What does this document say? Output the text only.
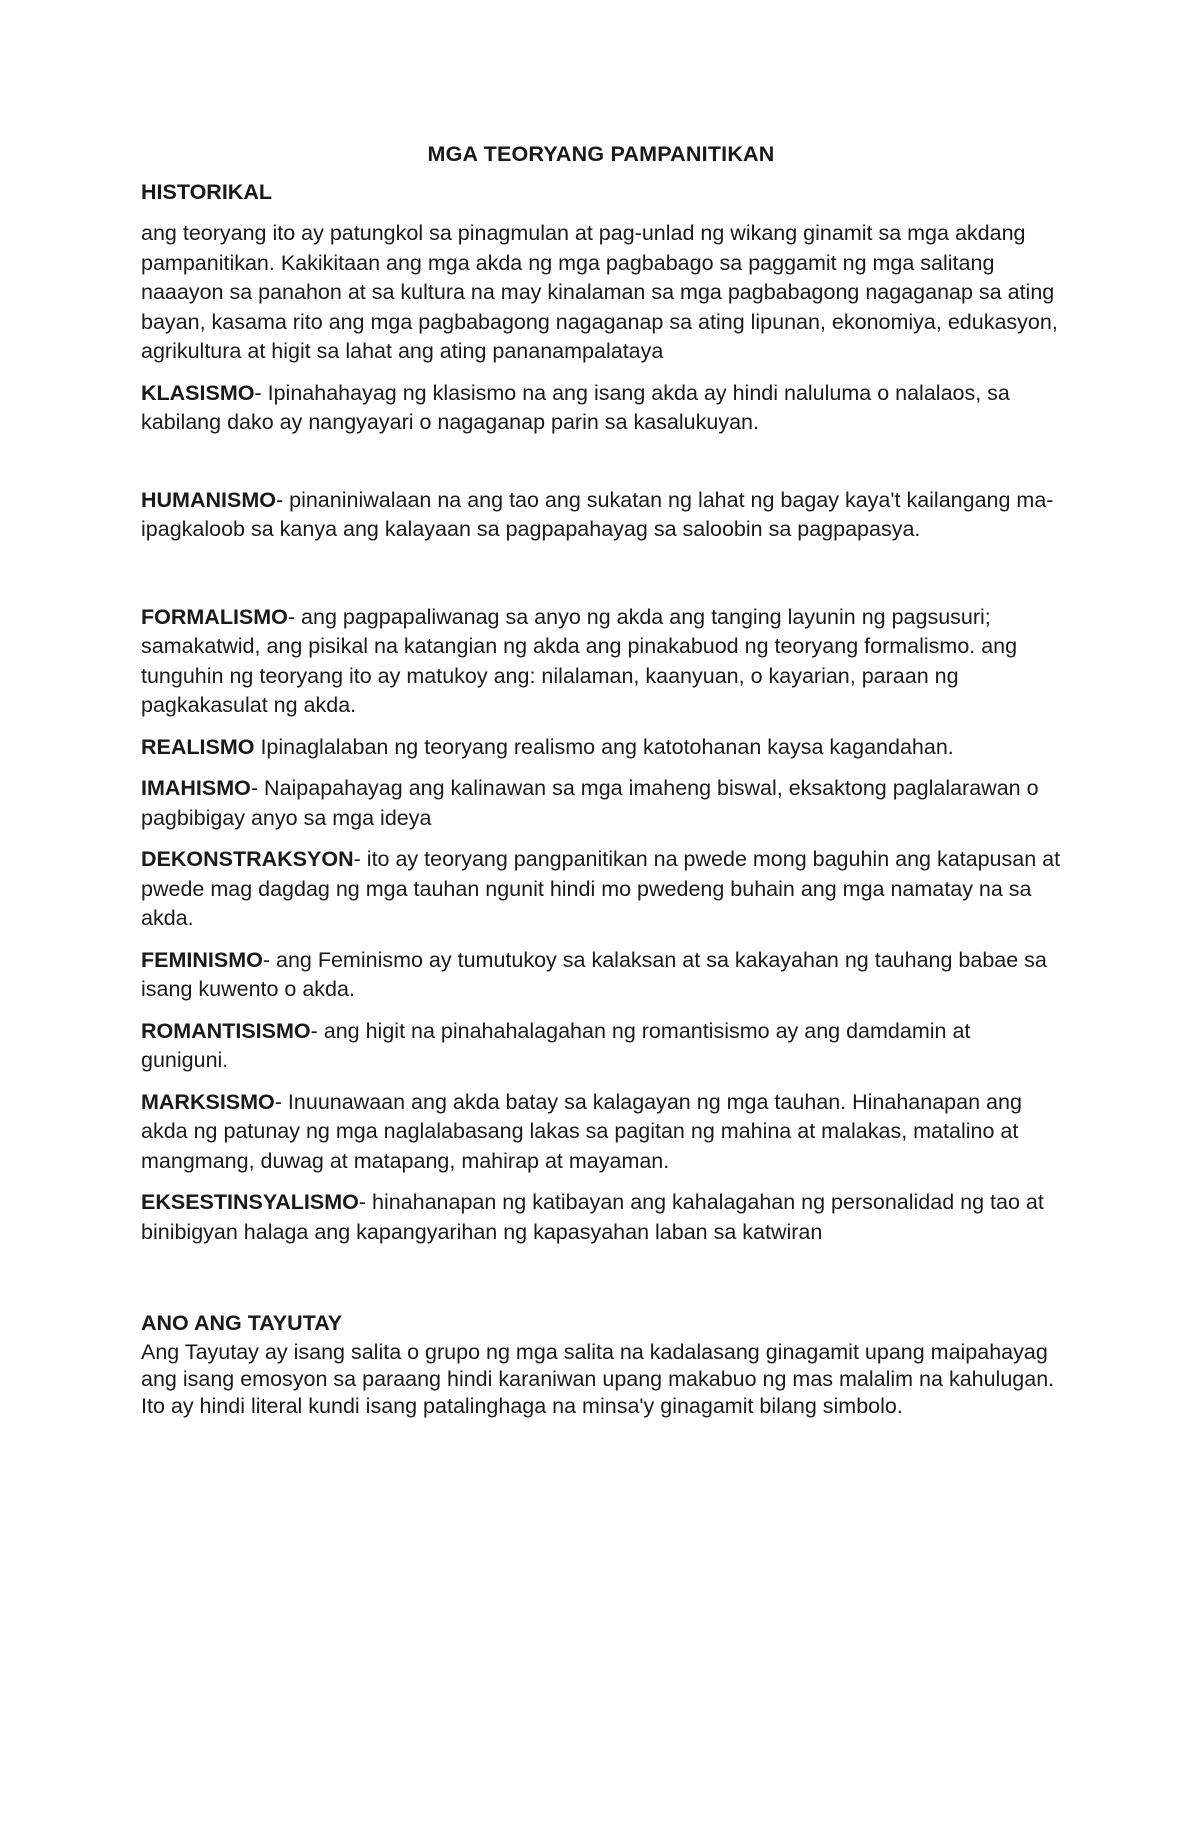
MGA TEORYANG PAMPANITIKAN
HISTORIKAL

ang teoryang ito ay patungkol sa pinagmulan at pag-unlad ng wikang ginamit sa mga akdang pampanitikan. Kakikitaan ang mga akda ng mga pagbabago sa paggamit ng mga salitang naaayon sa panahon at sa kultura na may kinalaman sa mga pagbabagong nagaganap sa ating bayan, kasama rito ang mga pagbabagong nagaganap sa ating lipunan, ekonomiya, edukasyon, agrikultura at higit sa lahat ang ating pananampalataya

KLASISMO- Ipinahahayag ng klasismo na ang isang akda ay hindi naluluma o nalalaos, sa kabilang dako ay nangyayari o nagaganap parin sa kasalukuyan.

HUMANISMO- pinaniniwalaan na ang tao ang sukatan ng lahat ng bagay kaya't kailangang ma-ipagkaloob sa kanya ang kalayaan sa pagpapahayag sa saloobin sa pagpapasya.

FORMALISMO- ang pagpapaliwanag sa anyo ng akda ang tanging layunin ng pagsusuri; samakatwid, ang pisikal na katangian ng akda ang pinakabuod ng teoryang formalismo. ang tunguhin ng teoryang ito ay matukoy ang: nilalaman, kaanyuan, o kayarian, paraan ng pagkakasulat ng akda.

REALISMO Ipinaglalaban ng teoryang realismo ang katotohanan kaysa kagandahan.

IMAHISMO- Naipapahayag ang kalinawan sa mga imaheng biswal, eksaktong paglalarawan o pagbibigay anyo sa mga ideya

DEKONSTRAKSYON- ito ay teoryang pangpanitikan na pwede mong baguhin ang katapusan at pwede mag dagdag ng mga tauhan ngunit hindi mo pwedeng buhain ang mga namatay na sa akda.

FEMINISMO- ang Feminismo ay tumutukoy sa kalaksan at sa kakayahan ng tauhang babae sa isang kuwento o akda.

ROMANTISISMO- ang higit na pinahahalagahan ng romantisismo ay ang damdamin at guniguni.

MARKSISMO- Inuunawaan ang akda batay sa kalagayan ng mga tauhan. Hinahanapan ang akda ng patunay ng mga naglalabasang lakas sa pagitan ng mahina at malakas, matalino at mangmang, duwag at matapang, mahirap at mayaman.

EKSESTINSYALISMO- hinahanapan ng katibayan ang kahalagahan ng personalidad ng tao at binibigyan halaga ang kapangyarihan ng kapasyahan laban sa katwiran

ANO ANG TAYUTAY

Ang Tayutay ay isang salita o grupo ng mga salita na kadalasang ginagamit upang maipahayag ang isang emosyon sa paraang hindi karaniwan upang makabuo ng mas malalim na kahulugan. Ito ay hindi literal kundi isang patalinghaga na minsa'y ginagamit bilang simbolo.
